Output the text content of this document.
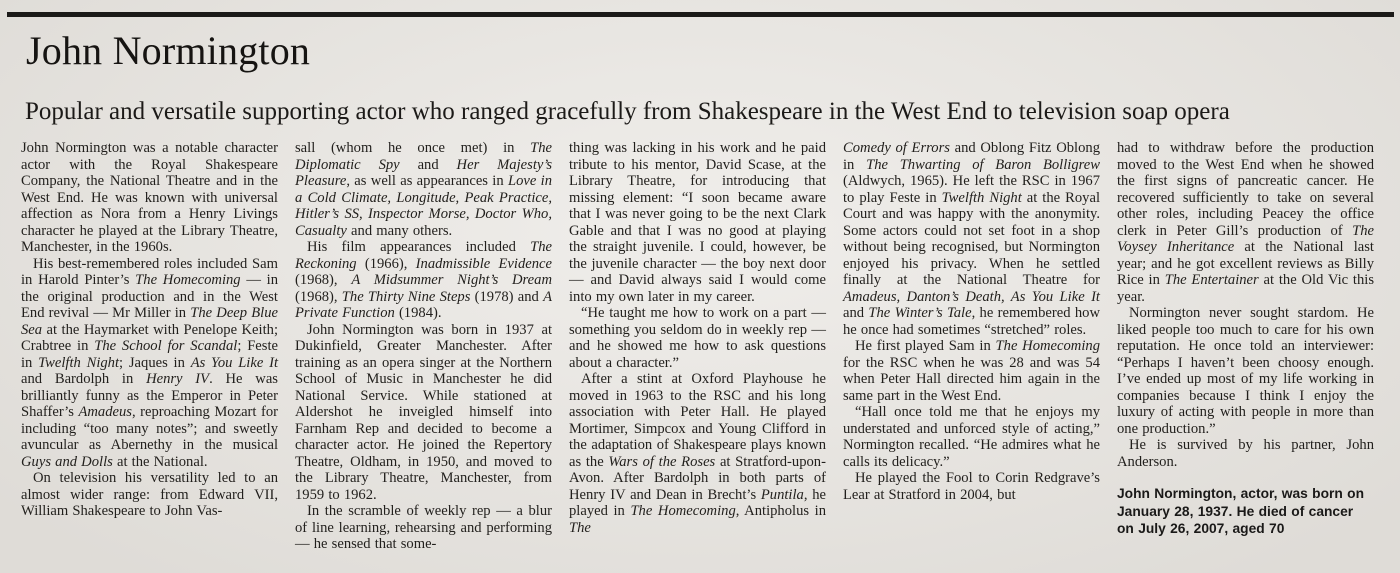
John Normington
Popular and versatile supporting actor who ranged gracefully from Shakespeare in the West End to television soap opera

John Normington was a notable character actor with the Royal Shakespeare Company, the National Theatre and in the West End. He was known with universal affection as Nora from a Henry Livings character he played at the Library Theatre, Manchester, in the 1960s.

His best-remembered roles included Sam in Harold Pinter’s The Homecoming — in the original production and in the West End revival — Mr Miller in The Deep Blue Sea at the Haymarket with Penelope Keith; Crabtree in The School for Scandal; Feste in Twelfth Night; Jaques in As You Like It and Bardolph in Henry IV. He was brilliantly funny as the Emperor in Peter Shaffer’s Amadeus, reproaching Mozart for including “too many notes”; and sweetly avuncular as Abernethy in the musical Guys and Dolls at the National.

On television his versatility led to an almost wider range: from Edward VII, William Shakespeare to John Vas-

sall (whom he once met) in The Diplomatic Spy and Her Majesty’s Pleasure, as well as appearances in Love in a Cold Climate, Longitude, Peak Practice, Hitler’s SS, Inspector Morse, Doctor Who, Casualty and many others.

His film appearances included The Reckoning (1966), Inadmissible Evidence (1968), A Midsummer Night’s Dream (1968), The Thirty Nine Steps (1978) and A Private Function (1984).

John Normington was born in 1937 at Dukinfield, Greater Manchester. After training as an opera singer at the Northern School of Music in Manchester he did National Service. While stationed at Aldershot he inveigled himself into Farnham Rep and decided to become a character actor. He joined the Repertory Theatre, Oldham, in 1950, and moved to the Library Theatre, Manchester, from 1959 to 1962.

In the scramble of weekly rep — a blur of line learning, rehearsing and performing — he sensed that some-

thing was lacking in his work and he paid tribute to his mentor, David Scase, at the Library Theatre, for introducing that missing element: “I soon became aware that I was never going to be the next Clark Gable and that I was no good at playing the straight juvenile. I could, however, be the juvenile character — the boy next door — and David always said I would come into my own later in my career.

“He taught me how to work on a part — something you seldom do in weekly rep — and he showed me how to ask questions about a character.”

After a stint at Oxford Playhouse he moved in 1963 to the RSC and his long association with Peter Hall. He played Mortimer, Simpcox and Young Clifford in the adaptation of Shakespeare plays known as the Wars of the Roses at Stratford-upon-Avon. After Bardolph in both parts of Henry IV and Dean in Brecht’s Puntila, he played in The Homecoming, Antipholus in The

Comedy of Errors and Oblong Fitz Oblong in The Thwarting of Baron Bolligrew (Aldwych, 1965). He left the RSC in 1967 to play Feste in Twelfth Night at the Royal Court and was happy with the anonymity. Some actors could not set foot in a shop without being recognised, but Normington enjoyed his privacy. When he settled finally at the National Theatre for Amadeus, Danton’s Death, As You Like It and The Winter’s Tale, he remembered how he once had sometimes “stretched” roles.

He first played Sam in The Homecoming for the RSC when he was 28 and was 54 when Peter Hall directed him again in the same part in the West End.

“Hall once told me that he enjoys my understated and unforced style of acting,” Normington recalled. “He admires what he calls its delicacy.”

He played the Fool to Corin Redgrave’s Lear at Stratford in 2004, but

had to withdraw before the production moved to the West End when he showed the first signs of pancreatic cancer. He recovered sufficiently to take on several other roles, including Peacey the office clerk in Peter Gill’s production of The Voysey Inheritance at the National last year; and he got excellent reviews as Billy Rice in The Entertainer at the Old Vic this year.

Normington never sought stardom. He liked people too much to care for his own reputation. He once told an interviewer: “Perhaps I haven’t been choosy enough. I’ve ended up most of my life working in companies because I think I enjoy the luxury of acting with people in more than one production.”

He is survived by his partner, John Anderson.

John Normington, actor, was born on January 28, 1937. He died of cancer on July 26, 2007, aged 70
